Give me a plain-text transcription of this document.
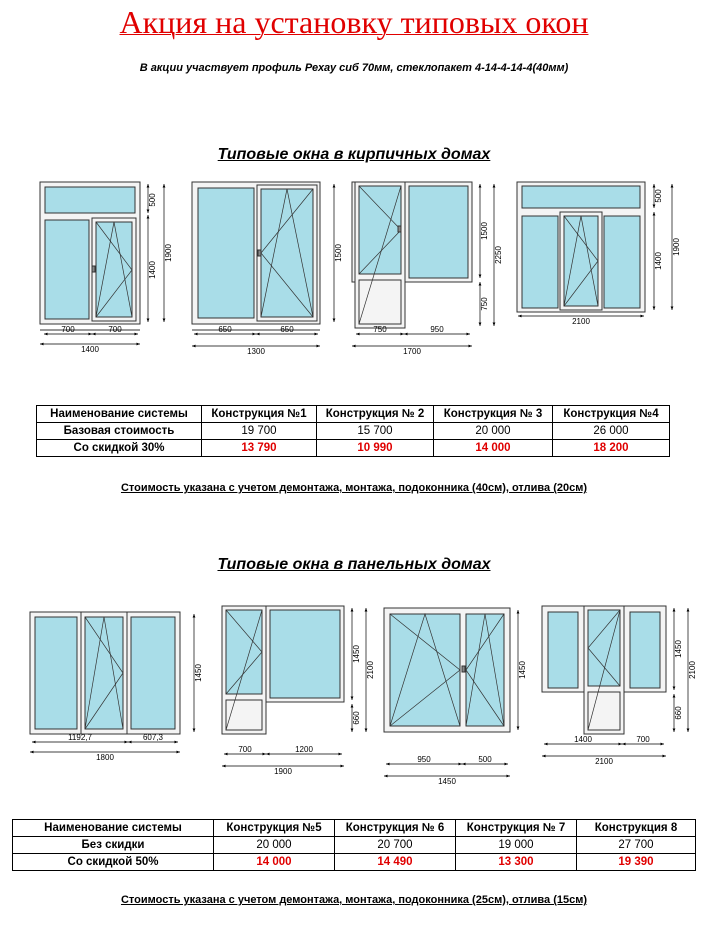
Акция на установку типовых окон
В акции участвует профиль Рехау сиб 70мм, стеклопакет 4-14-4-14-4(40мм)
Типовые окна в кирпичных домах
Типовые окна в панельных домах
700	700
1400
500
1400
1900
650	650
1300
1500
750	950
1700
1500
750
2250
2100
500
1400
1900
1192,7	607,3
1800
1450
700	1200
1900
1450
660
2100
950	500
1450
1450
1400	700
2100
1450
660
2100
Наименование системы	Конструкция №1	Конструкция № 2	Конструкция № 3	Конструкция №4
Базовая стоимость	19 700	15 700	20 000	26 000
Со скидкой 30%	13 790	10 990	14 000	18 200
Стоимость указана с учетом демонтажа, монтажа, подоконника (40см), отлива (20см)
Наименование системы	Конструкция №5	Конструкция № 6	Конструкция № 7	Конструкция 8
Без скидки	20 000	20 700	19 000	27 700
Со скидкой 50%	14 000	14 490	13 300	19 390
Стоимость указана с учетом демонтажа, монтажа, подоконника (25см), отлива (15см)
